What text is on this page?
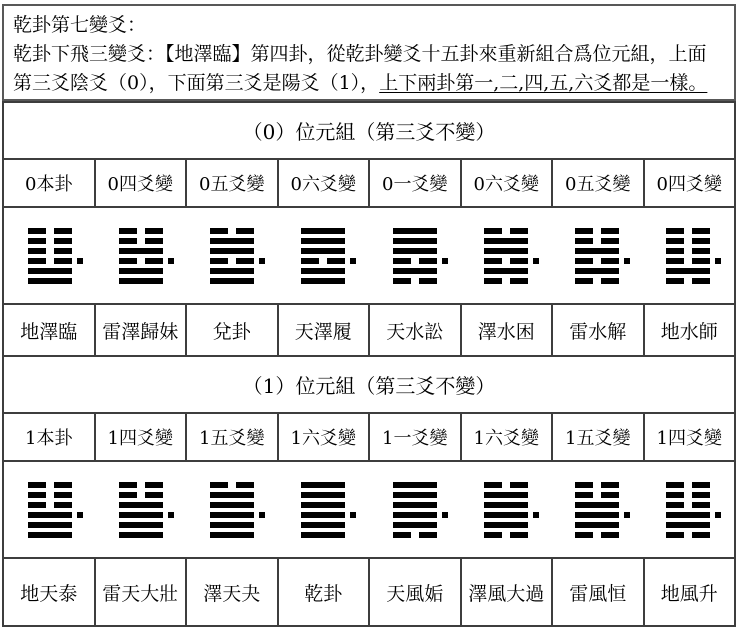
乾卦第七變爻：
乾卦下飛三變爻：【地澤臨】第四卦，從乾卦變爻十五卦來重新組合爲位元組，上面第三爻陰爻（0），下面第三爻是陽爻（1），上下兩卦第一,二,四,五,六爻都是一樣。
（0）位元組（第三爻不變）							
0本卦	0四爻變	0五爻變	0六爻變	0一爻變	0六爻變	0五爻變	0四爻變

地澤臨	雷澤歸妹	兌卦	天澤履	天水訟	澤水困	雷水解	地水師
（1）位元組（第三爻不變）							
1本卦	1四爻變	1五爻變	1六爻變	1一爻變	1六爻變	1五爻變	1四爻變

地天泰	雷天大壯	澤天夬	乾卦	天風姤	澤風大過	雷風恒	地風升
